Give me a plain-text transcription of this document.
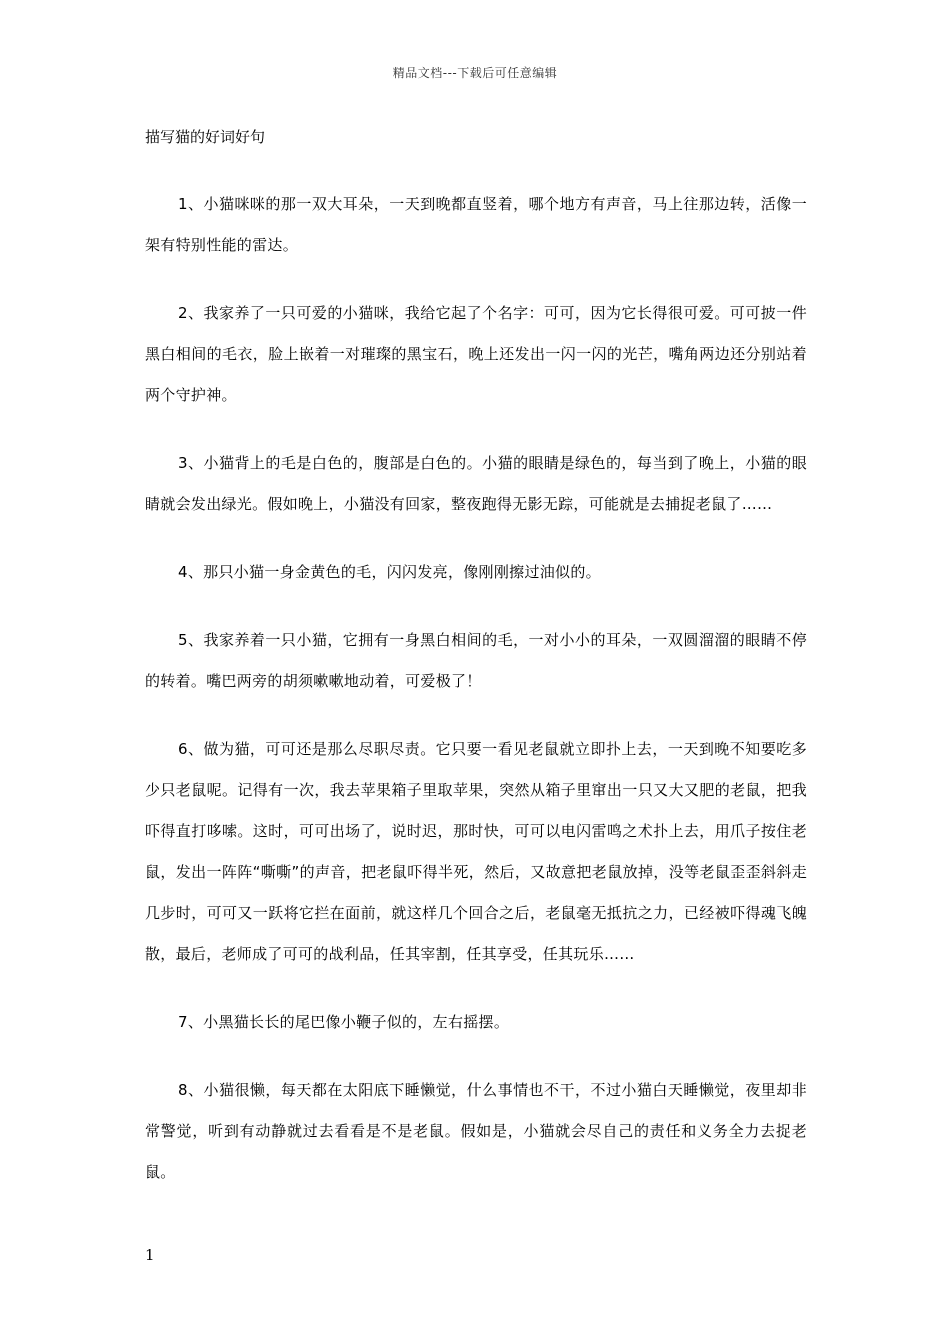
精品文档---下载后可任意编辑
描写猫的好词好句

1、小猫咪咪的那一双大耳朵，一天到晚都直竖着，哪个地方有声音，马上往那边转，活像一架有特别性能的雷达。

2、我家养了一只可爱的小猫咪，我给它起了个名字：可可，因为它长得很可爱。可可披一件黑白相间的毛衣，脸上嵌着一对璀璨的黑宝石，晚上还发出一闪一闪的光芒，嘴角两边还分别站着两个守护神。

3、小猫背上的毛是白色的，腹部是白色的。小猫的眼睛是绿色的，每当到了晚上，小猫的眼睛就会发出绿光。假如晚上，小猫没有回家，整夜跑得无影无踪，可能就是去捕捉老鼠了……

4、那只小猫一身金黄色的毛，闪闪发亮，像刚刚擦过油似的。

5、我家养着一只小猫，它拥有一身黑白相间的毛，一对小小的耳朵，一双圆溜溜的眼睛不停的转着。嘴巴两旁的胡须嗽嗽地动着，可爱极了！

6、做为猫，可可还是那么尽职尽责。它只要一看见老鼠就立即扑上去，一天到晚不知要吃多少只老鼠呢。记得有一次，我去苹果箱子里取苹果，突然从箱子里窜出一只又大又肥的老鼠，把我吓得直打哆嗦。这时，可可出场了，说时迟，那时快，可可以电闪雷鸣之术扑上去，用爪子按住老鼠，发出一阵阵“嘶嘶”的声音，把老鼠吓得半死，然后，又故意把老鼠放掉，没等老鼠歪歪斜斜走几步时，可可又一跃将它拦在面前，就这样几个回合之后，老鼠毫无抵抗之力，已经被吓得魂飞魄散，最后，老师成了可可的战利品，任其宰割，任其享受，任其玩乐……

7、小黑猫长长的尾巴像小鞭子似的，左右摇摆。

8、小猫很懒，每天都在太阳底下睡懒觉，什么事情也不干，不过小猫白天睡懒觉，夜里却非常警觉，听到有动静就过去看看是不是老鼠。假如是，小猫就会尽自己的责任和义务全力去捉老鼠。

1
